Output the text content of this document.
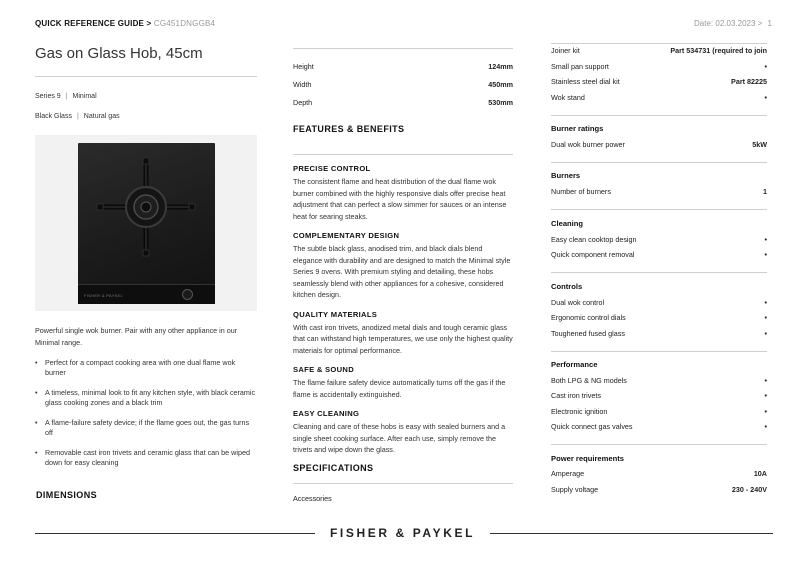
QUICK REFERENCE GUIDE > CG451DNGGB4	Date: 02.03.2023 > 1
Gas on Glass Hob, 45cm
Series 9 | Minimal
Black Glass | Natural gas
FISHER & PAYKEL

Powerful single wok burner. Pair with any other appliance in our Minimal range.

• Perfect for a compact cooking area with one dual flame wok burner
• A timeless, minimal look to fit any kitchen style, with black ceramic glass cooking zones and a black trim
• A flame-failure safety device; if the flame goes out, the gas turns off
• Removable cast iron trivets and ceramic glass that can be wiped down for easy cleaning
DIMENSIONS
Height	124mm
Width	450mm
Depth	530mm
FEATURES & BENEFITS
PRECISE CONTROL

The consistent flame and heat distribution of the dual flame wok burner combined with the highly responsive dials offer precise heat adjustment that can perfect a slow simmer for sauces or an intense heat for searing steaks.

COMPLEMENTARY DESIGN

The subtle black glass, anodised trim, and black dials blend elegance with durability and are designed to match the Minimal style Series 9 ovens. With premium styling and detailing, these hobs seamlessly blend with other appliances for a cohesive, considered kitchen design.

QUALITY MATERIALS

With cast iron trivets, anodized metal dials and tough ceramic glass that can withstand high temperatures, we use only the highest quality materials for optimal performance.

SAFE & SOUND

The flame failure safety device automatically turns off the gas if the flame is accidentally extinguished.

EASY CLEANING

Cleaning and care of these hobs is easy with sealed burners and a single sheet cooking surface. After each use, simply remove the trivets and wipe down the glass.

SPECIFICATIONS
Accessories
Joiner kit	Part 534731 (required to join
Small pan support	•
Stainless steel dial kit	Part 82225
Wok stand	•
Burner ratings
Dual wok burner power	5kW
Burners
Number of burners	1
Cleaning
Easy clean cooktop design	•
Quick component removal	•
Controls
Dual wok control	•
Ergonomic control dials	•
Toughened fused glass	•
Performance
Both LPG & NG models	•
Cast iron trivets	•
Electronic ignition	•
Quick connect gas valves	•
Power requirements
Amperage	10A
Supply voltage	230 - 240V
FISHER & PAYKEL
